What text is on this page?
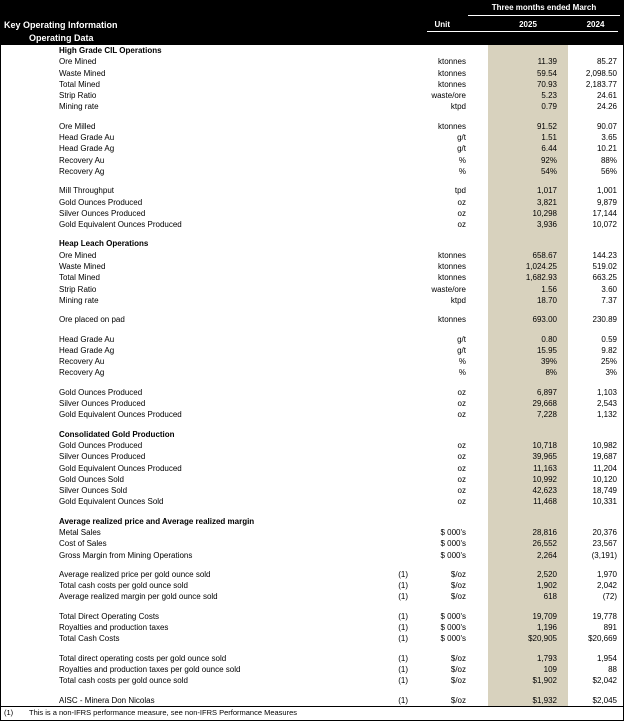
Three months ended March
Key Operating Information	Unit	2025	2024
Operating Data
High Grade CIL Operations
Ore Mined	ktonnes	11.39	85.27
Waste Mined	ktonnes	59.54	2,098.50
Total Mined	ktonnes	70.93	2,183.77
Strip Ratio	waste/ore	5.23	24.61
Mining rate	ktpd	0.79	24.26
Ore Milled	ktonnes	91.52	90.07
Head Grade Au	g/t	1.51	3.65
Head Grade Ag	g/t	6.44	10.21
Recovery Au	%	92%	88%
Recovery Ag	%	54%	56%
Mill Throughput	tpd	1,017	1,001
Gold Ounces Produced	oz	3,821	9,879
Silver Ounces Produced	oz	10,298	17,144
Gold Equivalent Ounces Produced	oz	3,936	10,072
Heap Leach Operations
Ore Mined	ktonnes	658.67	144.23
Waste Mined	ktonnes	1,024.25	519.02
Total Mined	ktonnes	1,682.93	663.25
Strip Ratio	waste/ore	1.56	3.60
Mining rate	ktpd	18.70	7.37
Ore placed on pad	ktonnes	693.00	230.89
Head Grade Au	g/t	0.80	0.59
Head Grade Ag	g/t	15.95	9.82
Recovery Au	%	39%	25%
Recovery Ag	%	8%	3%
Gold Ounces Produced	oz	6,897	1,103
Silver Ounces Produced	oz	29,668	2,543
Gold Equivalent Ounces Produced	oz	7,228	1,132
Consolidated Gold Production
Gold Ounces Produced	oz	10,718	10,982
Silver Ounces Produced	oz	39,965	19,687
Gold Equivalent Ounces Produced	oz	11,163	11,204
Gold Ounces Sold	oz	10,992	10,120
Silver Ounces Sold	oz	42,623	18,749
Gold Equivalent Ounces Sold	oz	11,468	10,331
Average realized price and Average realized margin
Metal Sales	$ 000's	28,816	20,376
Cost of Sales	$ 000's	26,552	23,567
Gross Margin from Mining Operations	$ 000's	2,264	(3,191)
Average realized price per gold ounce sold	(1)	$/oz	2,520	1,970
Total cash costs per gold ounce sold	(1)	$/oz	1,902	2,042
Average realized margin per gold ounce sold	(1)	$/oz	618	(72)
Total Direct Operating Costs	(1)	$ 000's	19,709	19,778
Royalties and production taxes	(1)	$ 000's	1,196	891
Total Cash Costs	(1)	$ 000's	$20,905	$20,669
Total direct operating costs per gold ounce sold	(1)	$/oz	1,793	1,954
Royalties and production taxes per gold ounce sold	(1)	$/oz	109	88
Total cash costs per gold ounce sold	(1)	$/oz	$1,902	$2,042
AISC - Minera Don Nicolas	(1)	$/oz	$1,932	$2,045
(1)	This is a non-IFRS performance measure, see non-IFRS Performance Measures
